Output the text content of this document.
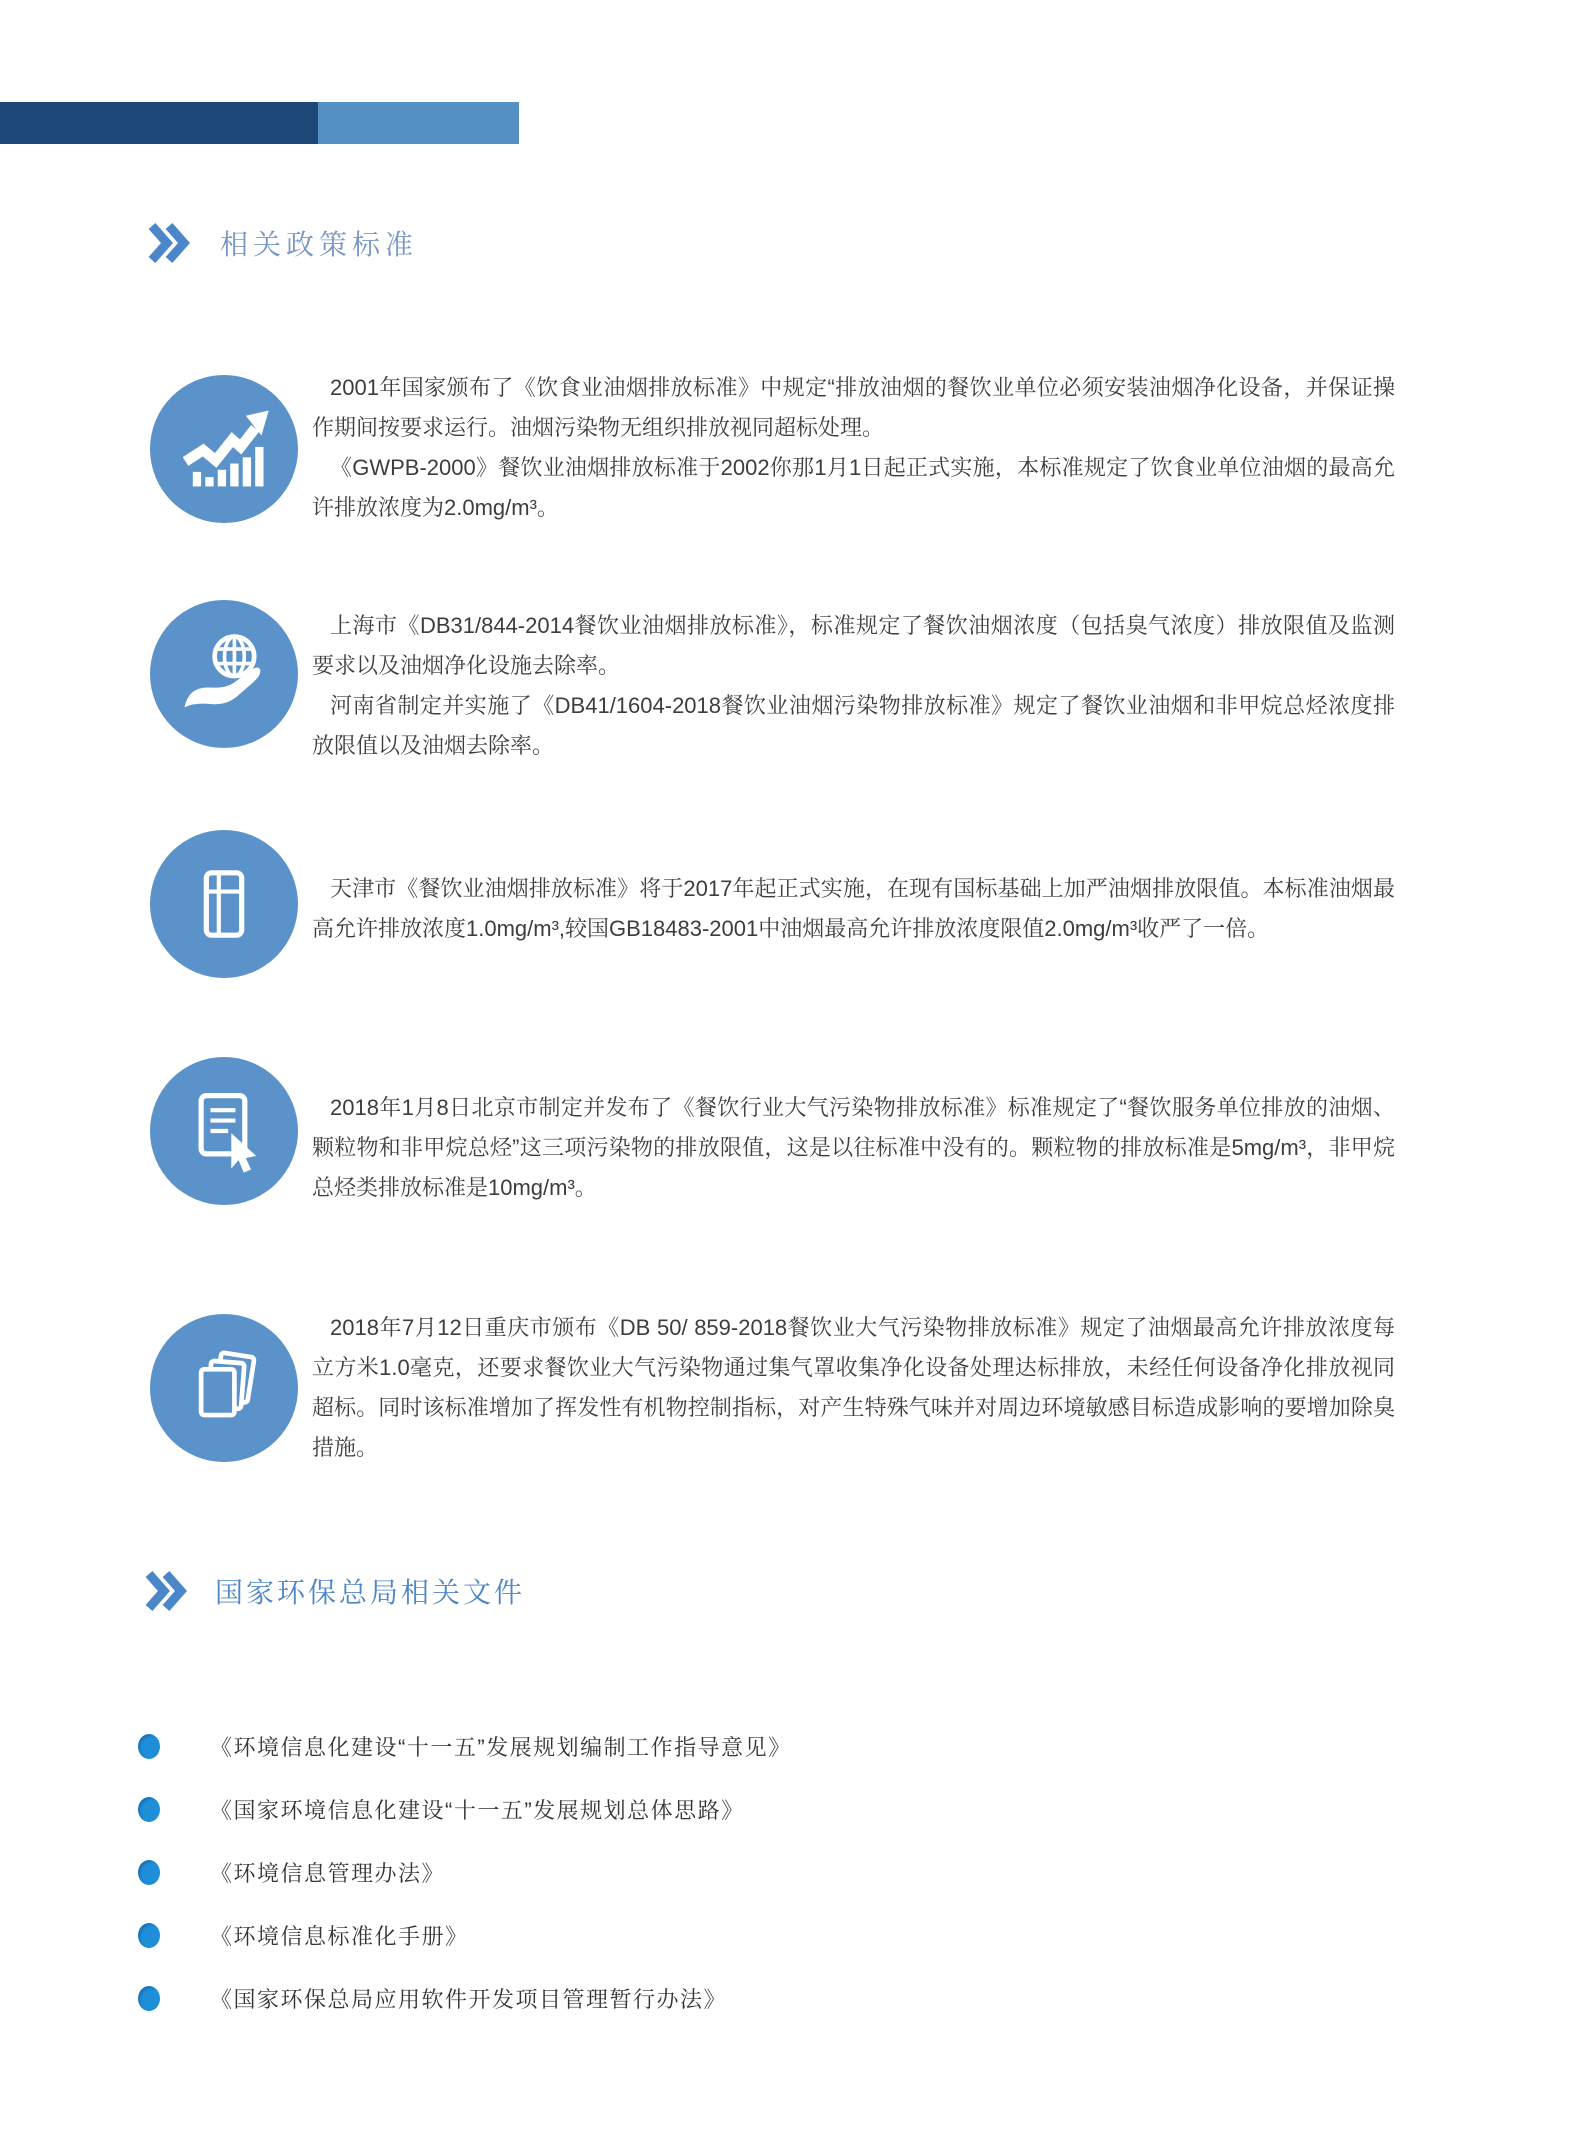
相关政策标准

2001年国家颁布了《饮食业油烟排放标准》中规定“排放油烟的餐饮业单位必须安装油烟净化设备，并保证操作期间按要求运行。油烟污染物无组织排放视同超标处理。

《GWPB-2000》餐饮业油烟排放标准于2002你那1月1日起正式实施，本标准规定了饮食业单位油烟的最高允许排放浓度为2.0mg/m³。

上海市《DB31/844-2014餐饮业油烟排放标准》，标准规定了餐饮油烟浓度（包括臭气浓度）排放限值及监测要求以及油烟净化设施去除率。

河南省制定并实施了《DB41/1604-2018餐饮业油烟污染物排放标准》规定了餐饮业油烟和非甲烷总烃浓度排放限值以及油烟去除率。

天津市《餐饮业油烟排放标准》将于2017年起正式实施，在现有国标基础上加严油烟排放限值。本标准油烟最高允许排放浓度1.0mg/m³,较国GB18483-2001中油烟最高允许排放浓度限值2.0mg/m³收严了一倍。

2018年1月8日北京市制定并发布了《餐饮行业大气污染物排放标准》标准规定了“餐饮服务单位排放的油烟、颗粒物和非甲烷总烃”这三项污染物的排放限值，这是以往标准中没有的。颗粒物的排放标准是5mg/m³，非甲烷总烃类排放标准是10mg/m³。

2018年7月12日重庆市颁布《DB 50/ 859-2018餐饮业大气污染物排放标准》规定了油烟最高允许排放浓度每立方米1.0毫克，还要求餐饮业大气污染物通过集气罩收集净化设备处理达标排放，未经任何设备净化排放视同超标。同时该标准增加了挥发性有机物控制指标，对产生特殊气味并对周边环境敏感目标造成影响的要增加除臭措施。

国家环保总局相关文件
《环境信息化建设“十一五”发展规划编制工作指导意见》
《国家环境信息化建设“十一五”发展规划总体思路》
《环境信息管理办法》
《环境信息标准化手册》
《国家环保总局应用软件开发项目管理暂行办法》
